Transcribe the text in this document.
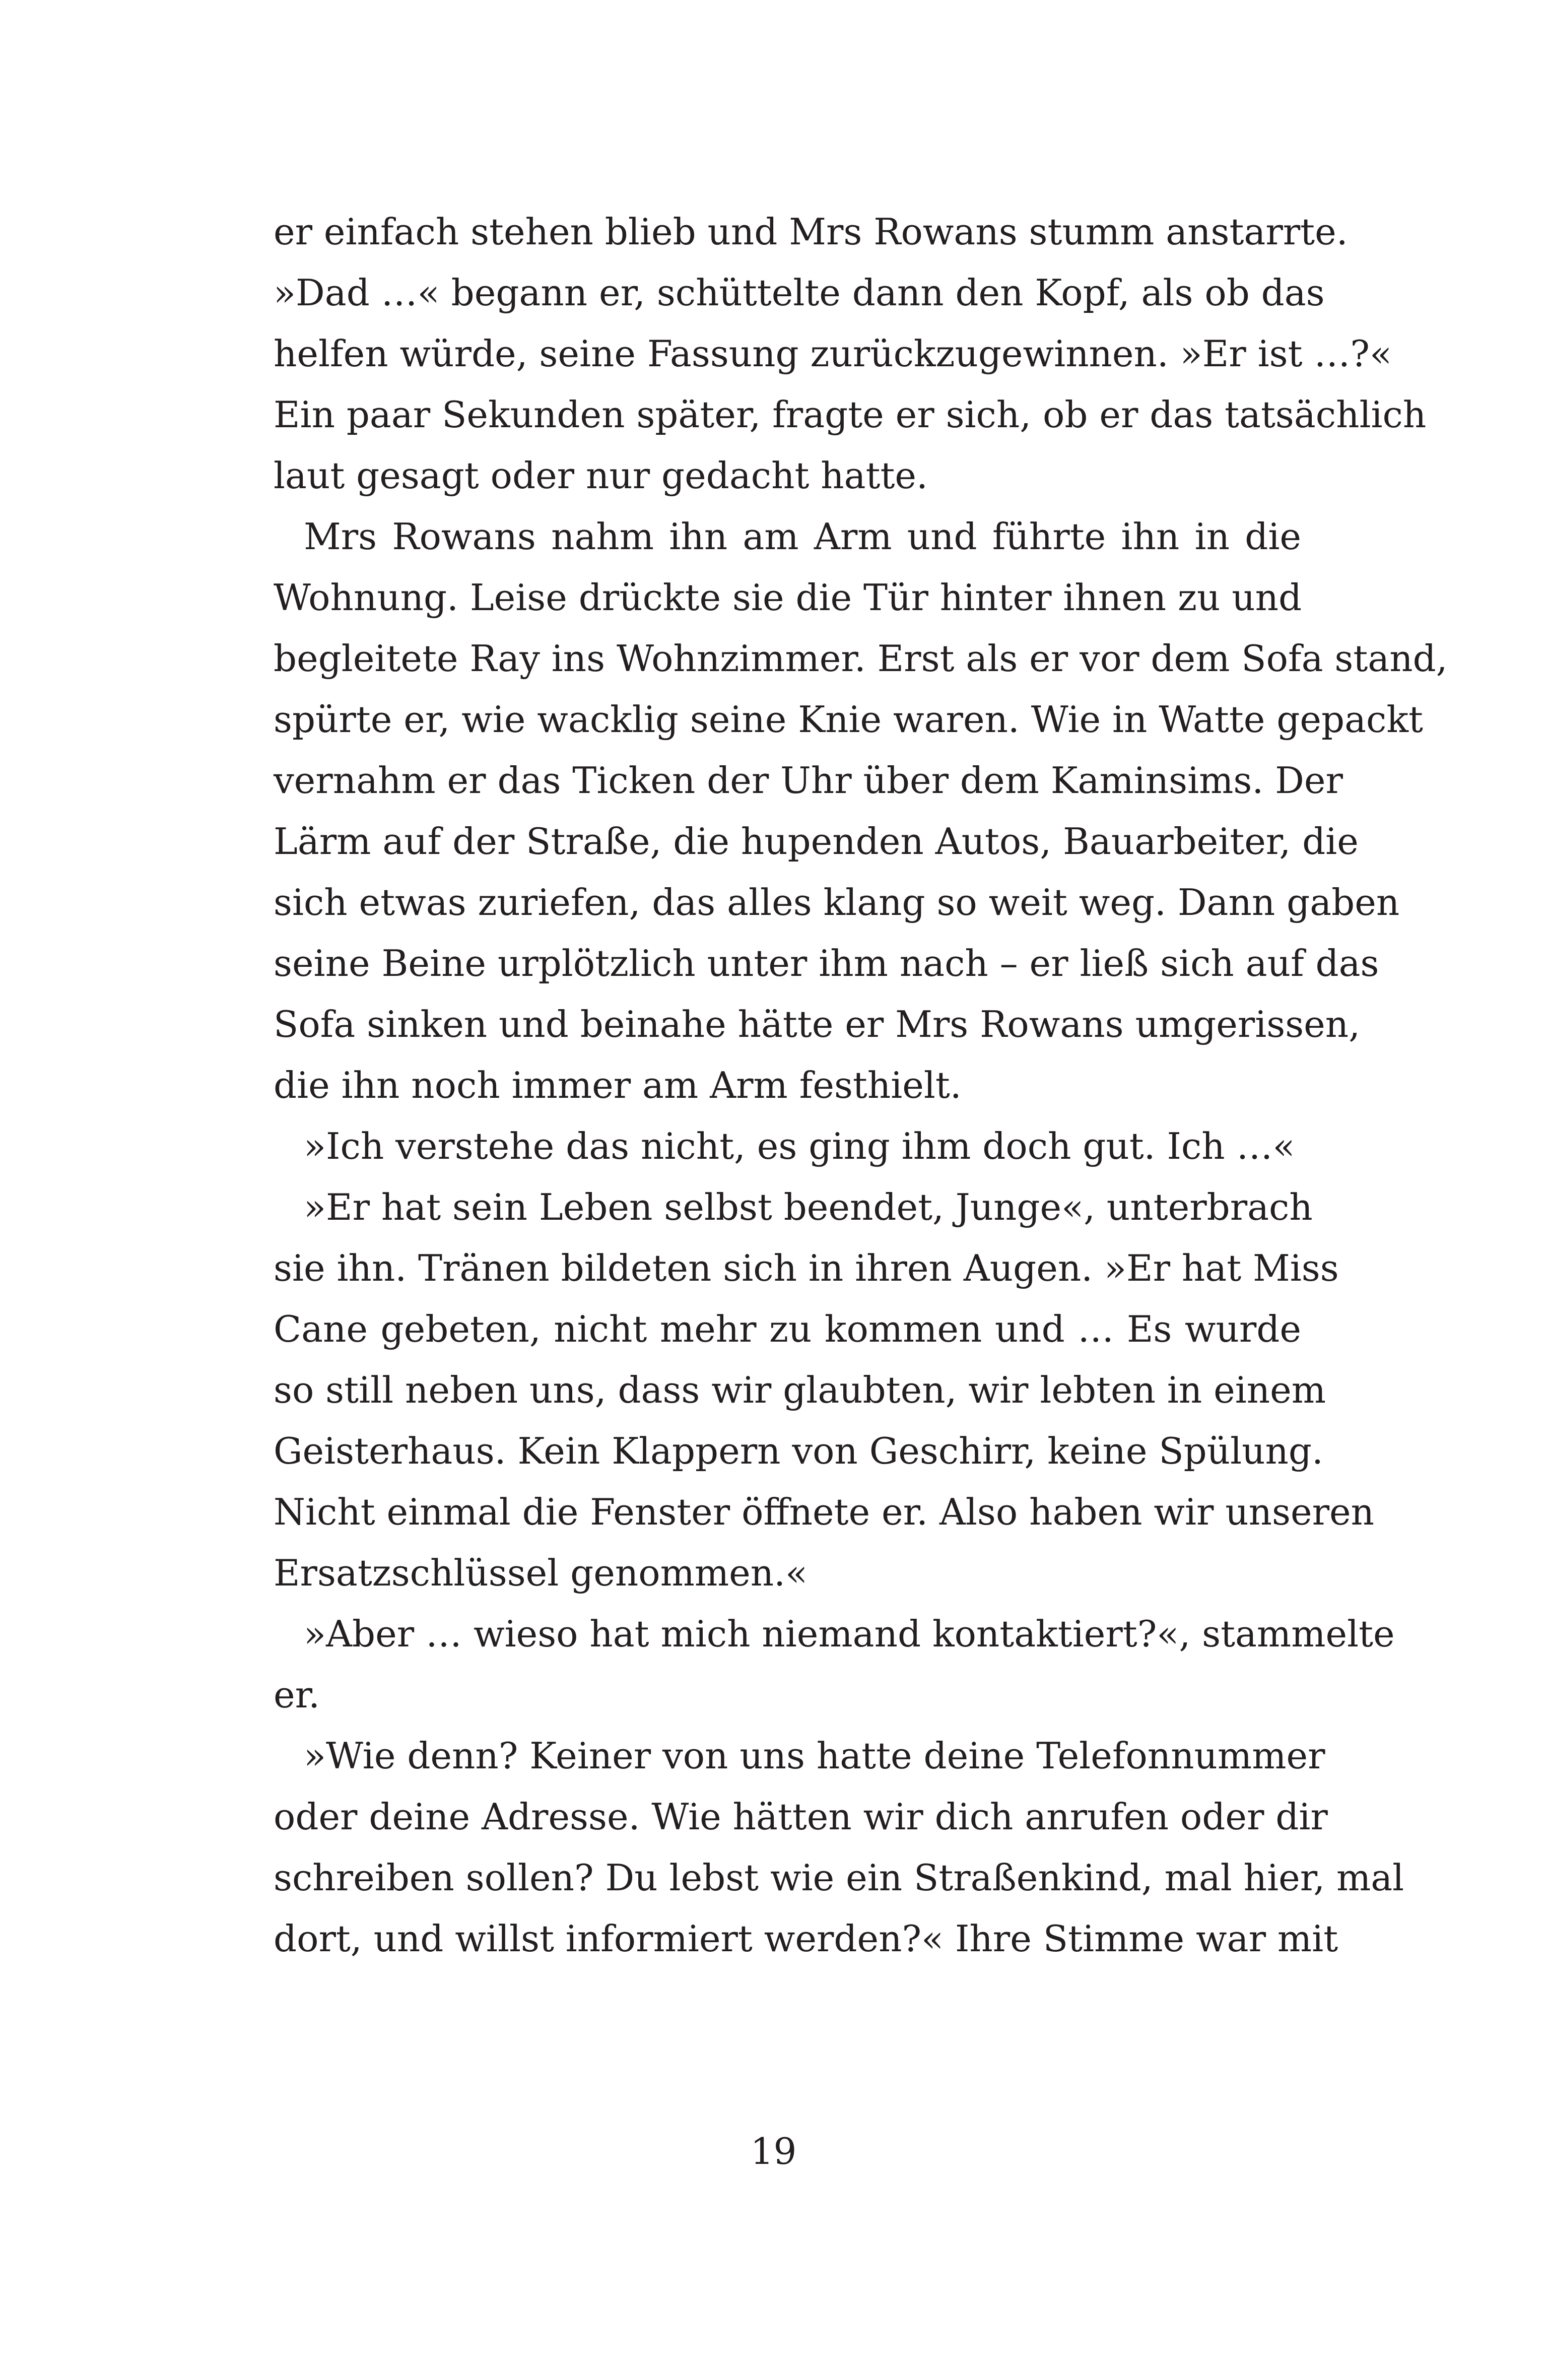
er einfach stehen blieb und Mrs Rowans stumm anstarrte.
»Dad …« begann er, schüttelte dann den Kopf, als ob das
helfen würde, seine Fassung zurückzugewinnen. »Er ist …?«
Ein paar Sekunden später, fragte er sich, ob er das tatsächlich
laut gesagt oder nur gedacht hatte.
Mrs Rowans nahm ihn am Arm und führte ihn in die
Wohnung. Leise drückte sie die Tür hinter ihnen zu und
begleitete Ray ins Wohnzimmer. Erst als er vor dem Sofa stand,
spürte er, wie wacklig seine Knie waren. Wie in Watte gepackt
vernahm er das Ticken der Uhr über dem Kaminsims. Der
Lärm auf der Straße, die hupenden Autos, Bauarbeiter, die
sich etwas zuriefen, das alles klang so weit weg. Dann gaben
seine Beine urplötzlich unter ihm nach – er ließ sich auf das
Sofa sinken und beinahe hätte er Mrs Rowans umgerissen,
die ihn noch immer am Arm festhielt.
»Ich verstehe das nicht, es ging ihm doch gut. Ich …«
»Er hat sein Leben selbst beendet, Junge«, unterbrach
sie ihn. Tränen bildeten sich in ihren Augen. »Er hat Miss
Cane gebeten, nicht mehr zu kommen und … Es wurde
so still neben uns, dass wir glaubten, wir lebten in einem
Geisterhaus. Kein Klappern von Geschirr, keine Spülung.
Nicht einmal die Fenster öffnete er. Also haben wir unseren
Ersatzschlüssel genommen.«
»Aber … wieso hat mich niemand kontaktiert?«, stammelte
er.
»Wie denn? Keiner von uns hatte deine Telefonnummer
oder deine Adresse. Wie hätten wir dich anrufen oder dir
schreiben sollen? Du lebst wie ein Straßenkind, mal hier, mal
dort, und willst informiert werden?« Ihre Stimme war mit
19
